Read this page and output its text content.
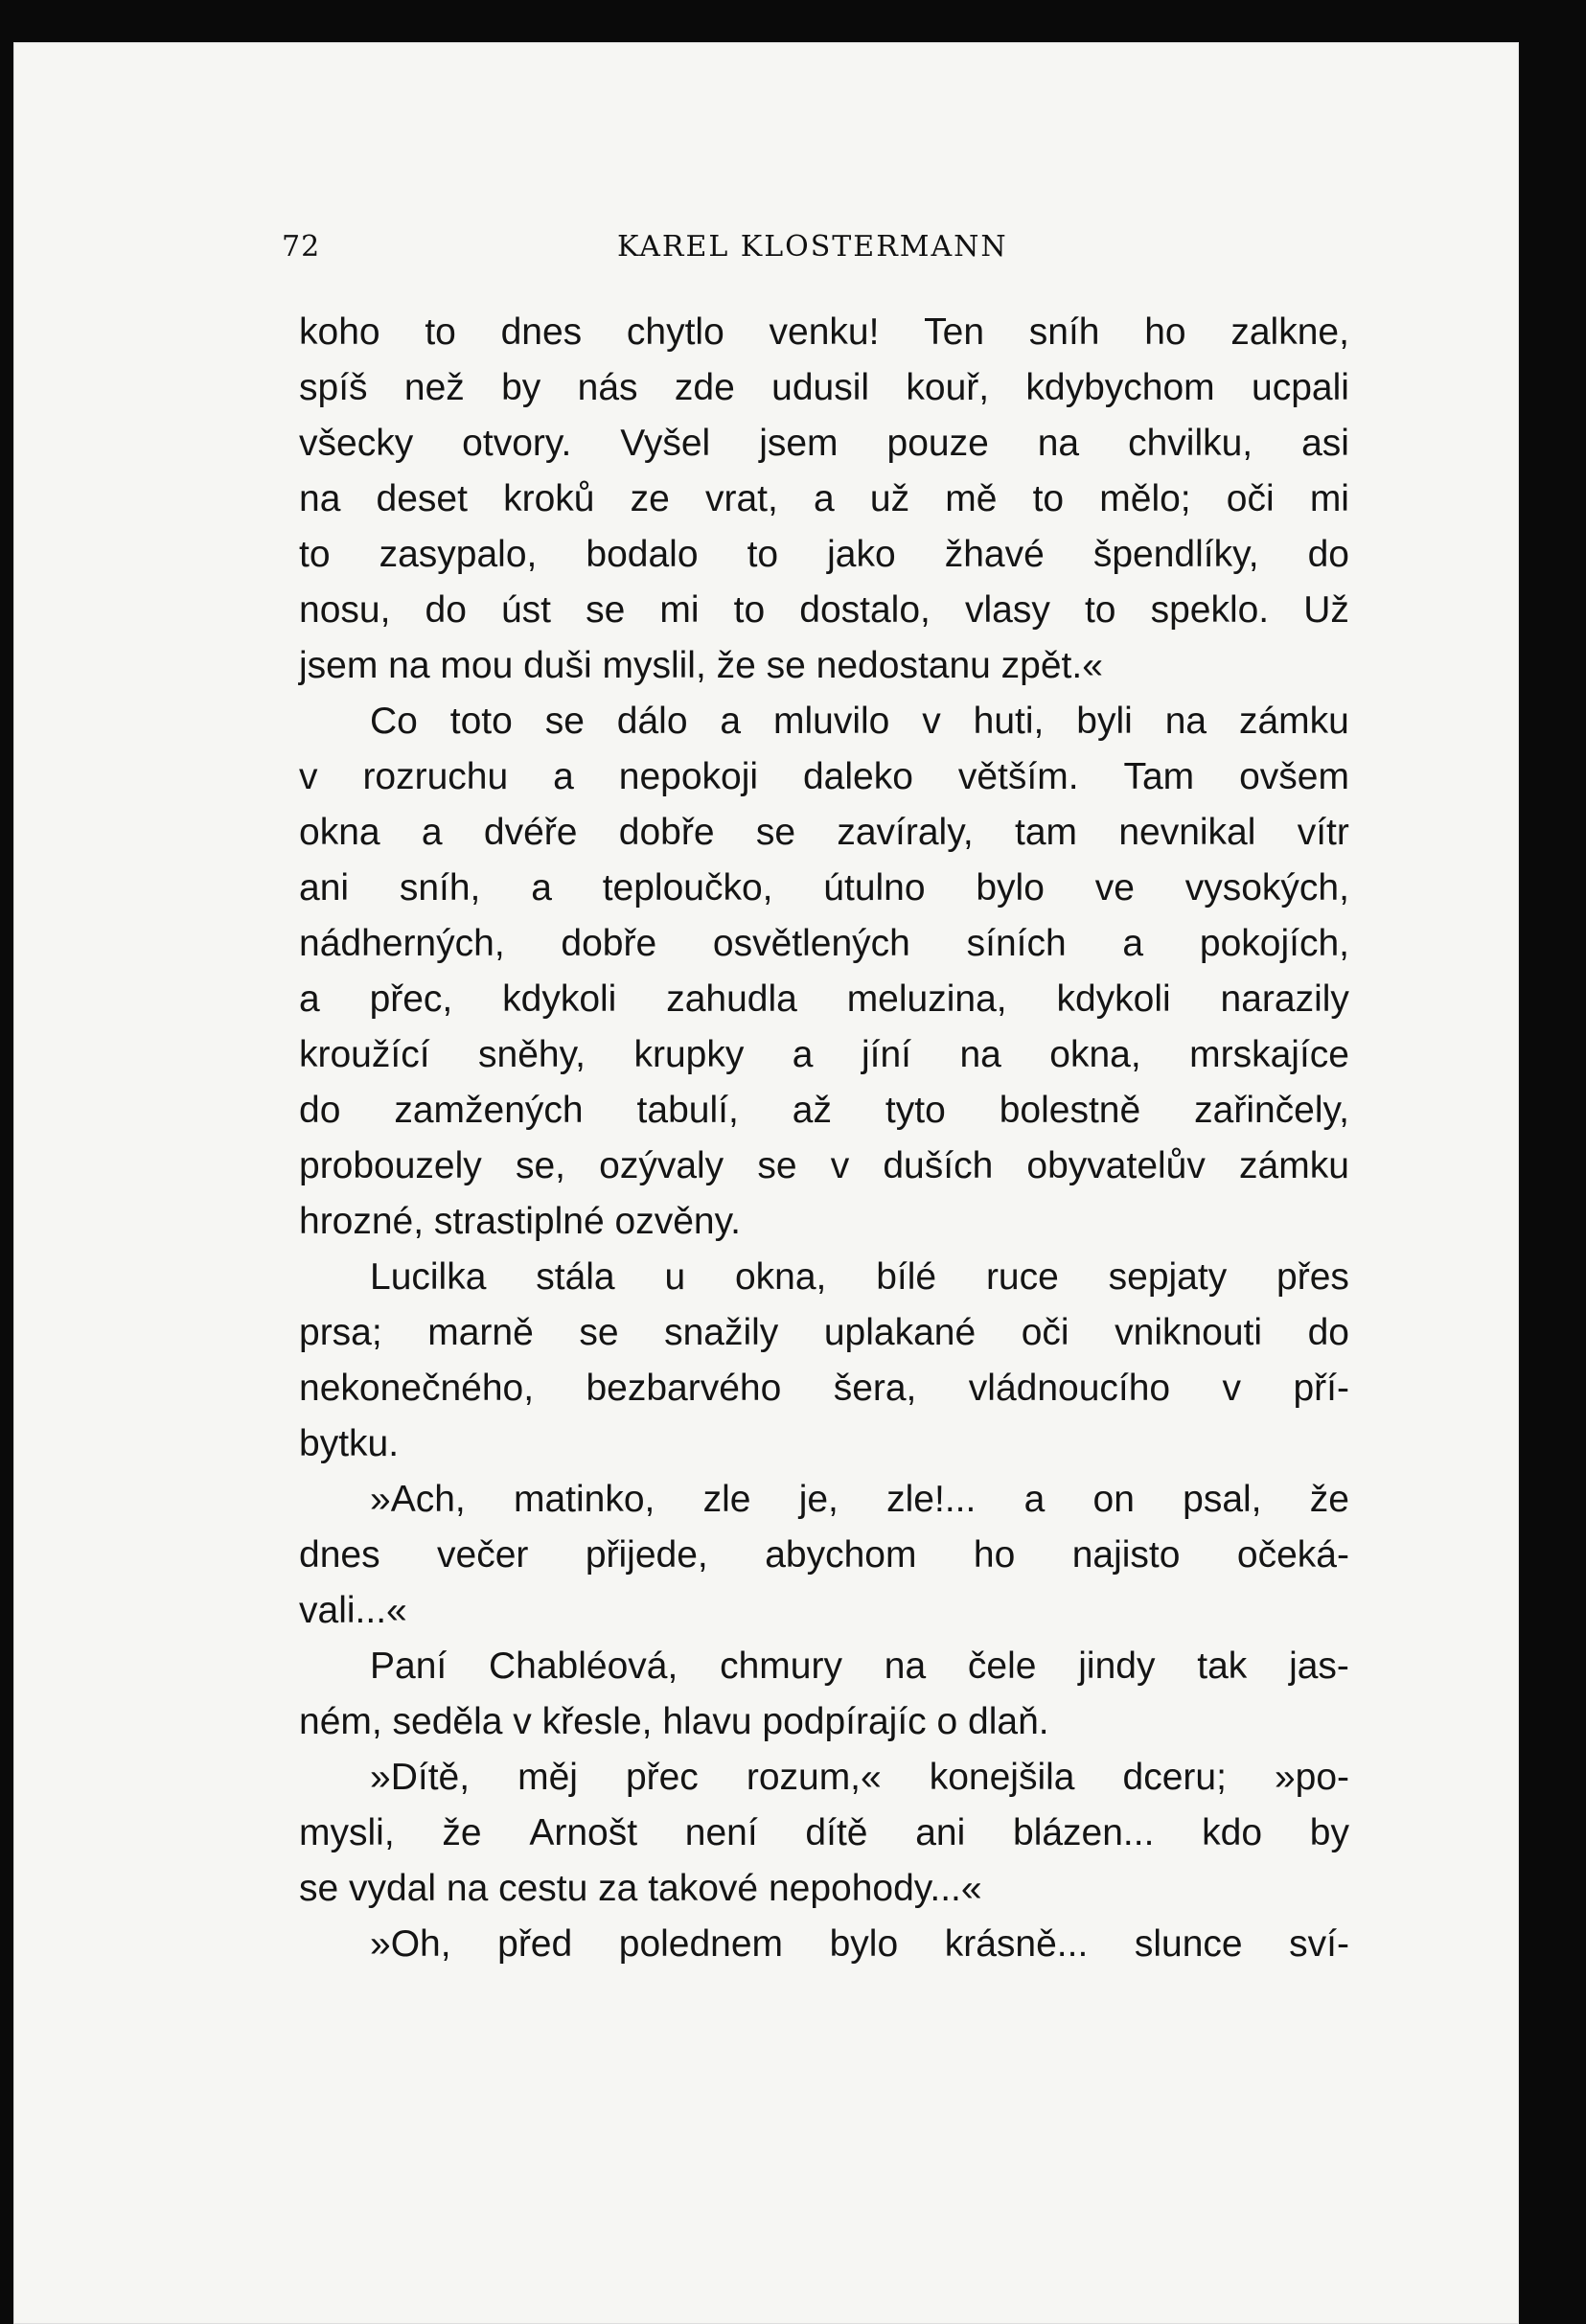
72	KAREL KLOSTERMANN
koho to dnes chytlo venku! Ten sníh ho zalkne,
spíš než by nás zde udusil kouř, kdybychom ucpali
všecky otvory. Vyšel jsem pouze na chvilku, asi
na deset kroků ze vrat, a už mě to mělo; oči mi
to zasypalo, bodalo to jako žhavé špendlíky, do
nosu, do úst se mi to dostalo, vlasy to speklo. Už
jsem na mou duši myslil, že se nedostanu zpět.«
Co toto se dálo a mluvilo v huti, byli na zámku
v rozruchu a nepokoji daleko větším. Tam ovšem
okna a dvéře dobře se zavíraly, tam nevnikal vítr
ani sníh, a teploučko, útulno bylo ve vysokých,
nádherných, dobře osvětlených síních a pokojích,
a přec, kdykoli zahudla meluzina, kdykoli narazily
kroužící sněhy, krupky a jíní na okna, mrskajíce
do zamžených tabulí, až tyto bolestně zařinčely,
probouzely se, ozývaly se v duších obyvatelův zámku
hrozné, strastiplné ozvěny.
Lucilka stála u okna, bílé ruce sepjaty přes
prsa; marně se snažily uplakané oči vniknouti do
nekonečného, bezbarvého šera, vládnoucího v pří-
bytku.
»Ach, matinko, zle je, zle!... a on psal, že
dnes večer přijede, abychom ho najisto očeká-
vali...«
Paní Chabléová, chmury na čele jindy tak jas-
ném, seděla v křesle, hlavu podpírajíc o dlaň.
»Dítě, měj přec rozum,« konejšila dceru; »po-
mysli, že Arnošt není dítě ani blázen... kdo by
se vydal na cestu za takové nepohody...«
»Oh, před polednem bylo krásně... slunce sví-
